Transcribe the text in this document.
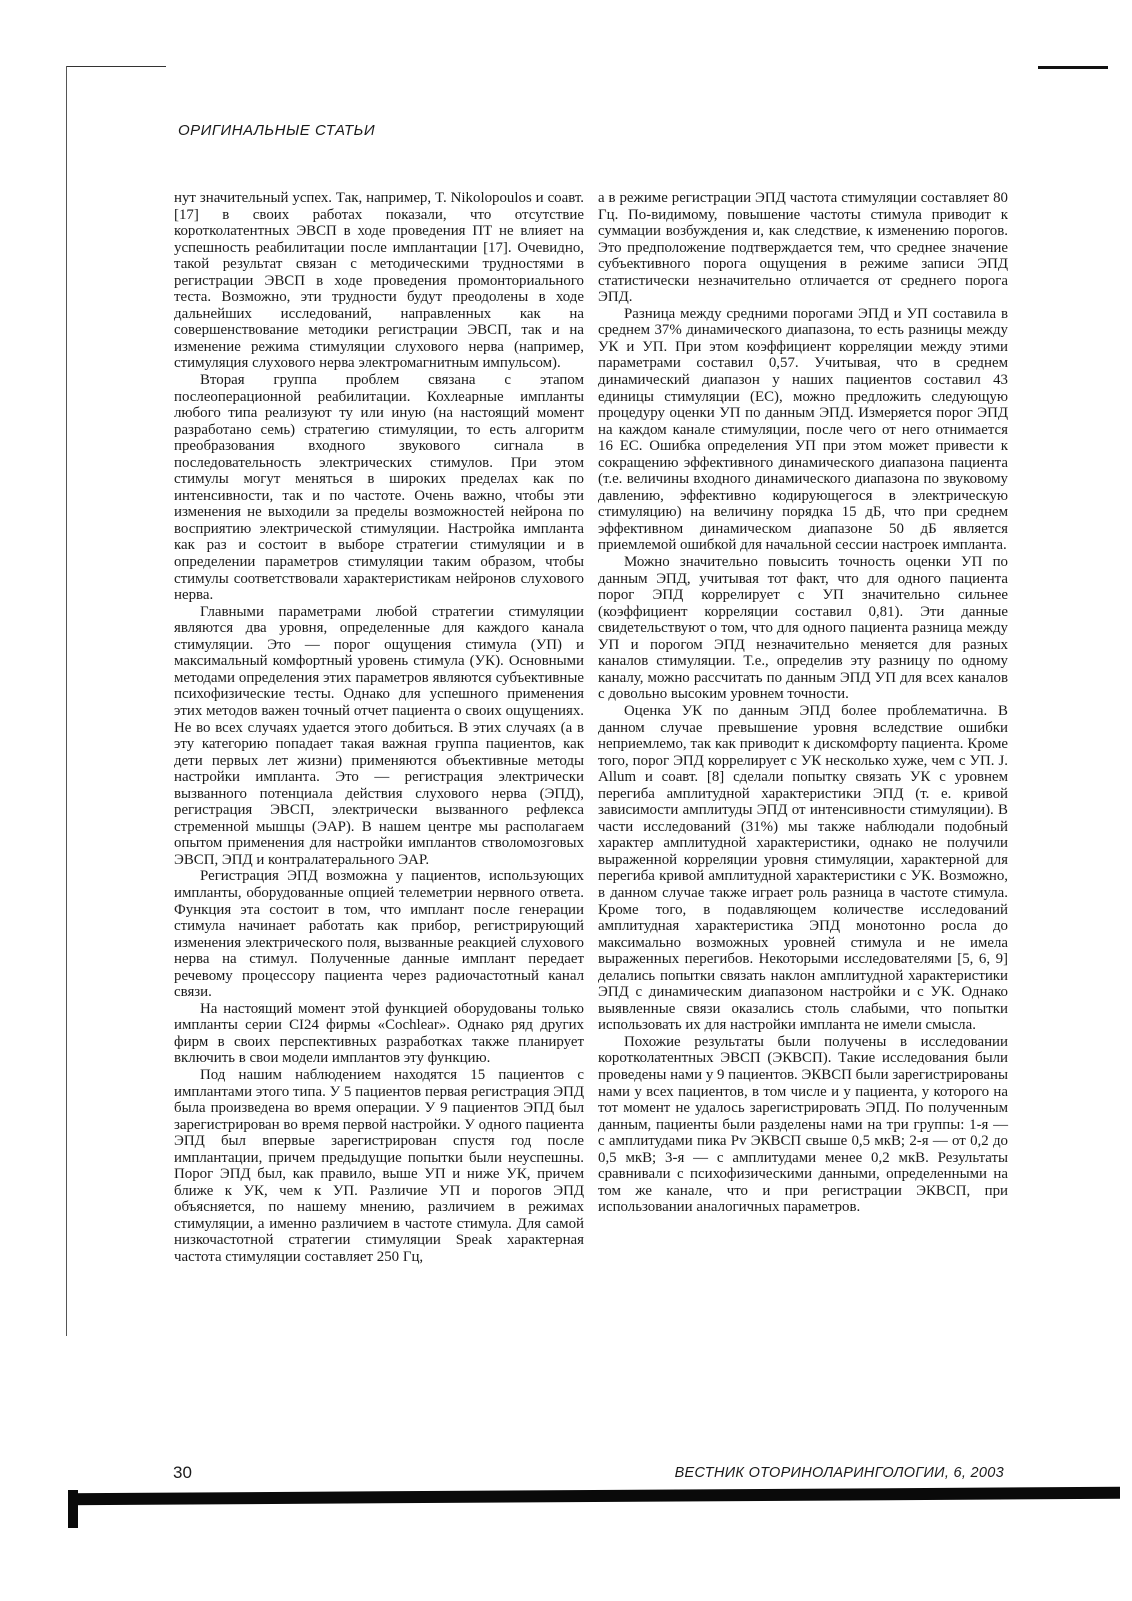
ОРИГИНАЛЬНЫЕ СТАТЬИ

нут значительный успех. Так, например, T. Nikolopoulos и соавт. [17] в своих работах показали, что отсутствие коротколатентных ЭВСП в ходе проведения ПТ не влияет на успешность реабилитации после имплантации [17]. Очевидно, такой результат связан с методическими трудностями в регистрации ЭВСП в ходе проведения промонториального теста. Возможно, эти трудности будут преодолены в ходе дальнейших исследований, направленных как на совершенствование методики регистрации ЭВСП, так и на изменение режима стимуляции слухового нерва (например, стимуляция слухового нерва электромагнитным импульсом).

Вторая группа проблем связана с этапом послеоперационной реабилитации. Кохлеарные импланты любого типа реализуют ту или иную (на настоящий момент разработано семь) стратегию стимуляции, то есть алгоритм преобразования входного звукового сигнала в последовательность электрических стимулов. При этом стимулы могут меняться в широких пределах как по интенсивности, так и по частоте. Очень важно, чтобы эти изменения не выходили за пределы возможностей нейрона по восприятию электрической стимуляции. Настройка импланта как раз и состоит в выборе стратегии стимуляции и в определении параметров стимуляции таким образом, чтобы стимулы соответствовали характеристикам нейронов слухового нерва.

Главными параметрами любой стратегии стимуляции являются два уровня, определенные для каждого канала стимуляции. Это — порог ощущения стимула (УП) и максимальный комфортный уровень стимула (УК). Основными методами определения этих параметров являются субъективные психофизические тесты. Однако для успешного применения этих методов важен точный отчет пациента о своих ощущениях. Не во всех случаях удается этого добиться. В этих случаях (а в эту категорию попадает такая важная группа пациентов, как дети первых лет жизни) применяются объективные методы настройки импланта. Это — регистрация электрически вызванного потенциала действия слухового нерва (ЭПД), регистрация ЭВСП, электрически вызванного рефлекса стременной мышцы (ЭАР). В нашем центре мы располагаем опытом применения для настройки имплантов стволомозговых ЭВСП, ЭПД и контралатерального ЭАР.

Регистрация ЭПД возможна у пациентов, использующих импланты, оборудованные опцией телеметрии нервного ответа. Функция эта состоит в том, что имплант после генерации стимула начинает работать как прибор, регистрирующий изменения электрического поля, вызванные реакцией слухового нерва на стимул. Полученные данные имплант передает речевому процессору пациента через радиочастотный канал связи.

На настоящий момент этой функцией оборудованы только импланты серии CI24 фирмы «Cochlear». Однако ряд других фирм в своих перспективных разработках также планирует включить в свои модели имплантов эту функцию.

Под нашим наблюдением находятся 15 пациентов с имплантами этого типа. У 5 пациентов первая регистрация ЭПД была произведена во время операции. У 9 пациентов ЭПД был зарегистрирован во время первой настройки. У одного пациента ЭПД был впервые зарегистрирован спустя год после имплантации, причем предыдущие попытки были неуспешны. Порог ЭПД был, как правило, выше УП и ниже УК, причем ближе к УК, чем к УП. Различие УП и порогов ЭПД объясняется, по нашему мнению, различием в режимах стимуляции, а именно различием в частоте стимула. Для самой низкочастотной стратегии стимуляции Speak характерная частота стимуляции составляет 250 Гц,

а в режиме регистрации ЭПД частота стимуляции составляет 80 Гц. По-видимому, повышение частоты стимула приводит к суммации возбуждения и, как следствие, к изменению порогов. Это предположение подтверждается тем, что среднее значение субъективного порога ощущения в режиме записи ЭПД статистически незначительно отличается от среднего порога ЭПД.

Разница между средними порогами ЭПД и УП составила в среднем 37% динамического диапазона, то есть разницы между УК и УП. При этом коэффициент корреляции между этими параметрами составил 0,57. Учитывая, что в среднем динамический диапазон у наших пациентов составил 43 единицы стимуляции (ЕС), можно предложить следующую процедуру оценки УП по данным ЭПД. Измеряется порог ЭПД на каждом канале стимуляции, после чего от него отнимается 16 ЕС. Ошибка определения УП при этом может привести к сокращению эффективного динамического диапазона пациента (т.е. величины входного динамического диапазона по звуковому давлению, эффективно кодирующегося в электрическую стимуляцию) на величину порядка 15 дБ, что при среднем эффективном динамическом диапазоне 50 дБ является приемлемой ошибкой для начальной сессии настроек импланта.

Можно значительно повысить точность оценки УП по данным ЭПД, учитывая тот факт, что для одного пациента порог ЭПД коррелирует с УП значительно сильнее (коэффициент корреляции составил 0,81). Эти данные свидетельствуют о том, что для одного пациента разница между УП и порогом ЭПД незначительно меняется для разных каналов стимуляции. Т.е., определив эту разницу по одному каналу, можно рассчитать по данным ЭПД УП для всех каналов с довольно высоким уровнем точности.

Оценка УК по данным ЭПД более проблематична. В данном случае превышение уровня вследствие ошибки неприемлемо, так как приводит к дискомфорту пациента. Кроме того, порог ЭПД коррелирует с УК несколько хуже, чем с УП. J. Allum и соавт. [8] сделали попытку связать УК с уровнем перегиба амплитудной характеристики ЭПД (т. е. кривой зависимости амплитуды ЭПД от интенсивности стимуляции). В части исследований (31%) мы также наблюдали подобный характер амплитудной характеристики, однако не получили выраженной корреляции уровня стимуляции, характерной для перегиба кривой амплитудной характеристики с УК. Возможно, в данном случае также играет роль разница в частоте стимула. Кроме того, в подавляющем количестве исследований амплитудная характеристика ЭПД монотонно росла до максимально возможных уровней стимула и не имела выраженных перегибов. Некоторыми исследователями [5, 6, 9] делались попытки связать наклон амплитудной характеристики ЭПД с динамическим диапазоном настройки и с УК. Однако выявленные связи оказались столь слабыми, что попытки использовать их для настройки импланта не имели смысла.

Похожие результаты были получены в исследовании коротколатентных ЭВСП (ЭКВСП). Такие исследования были проведены нами у 9 пациентов. ЭКВСП были зарегистрированы нами у всех пациентов, в том числе и у пациента, у которого на тот момент не удалось зарегистрировать ЭПД. По полученным данным, пациенты были разделены нами на три группы: 1-я — с амплитудами пика Pv ЭКВСП свыше 0,5 мкВ; 2-я — от 0,2 до 0,5 мкВ; 3-я — с амплитудами менее 0,2 мкВ. Результаты сравнивали с психофизическими данными, определенными на том же канале, что и при регистрации ЭКВСП, при использовании аналогичных параметров.

30	ВЕСТНИК ОТОРИНОЛАРИНГОЛОГИИ, 6, 2003
